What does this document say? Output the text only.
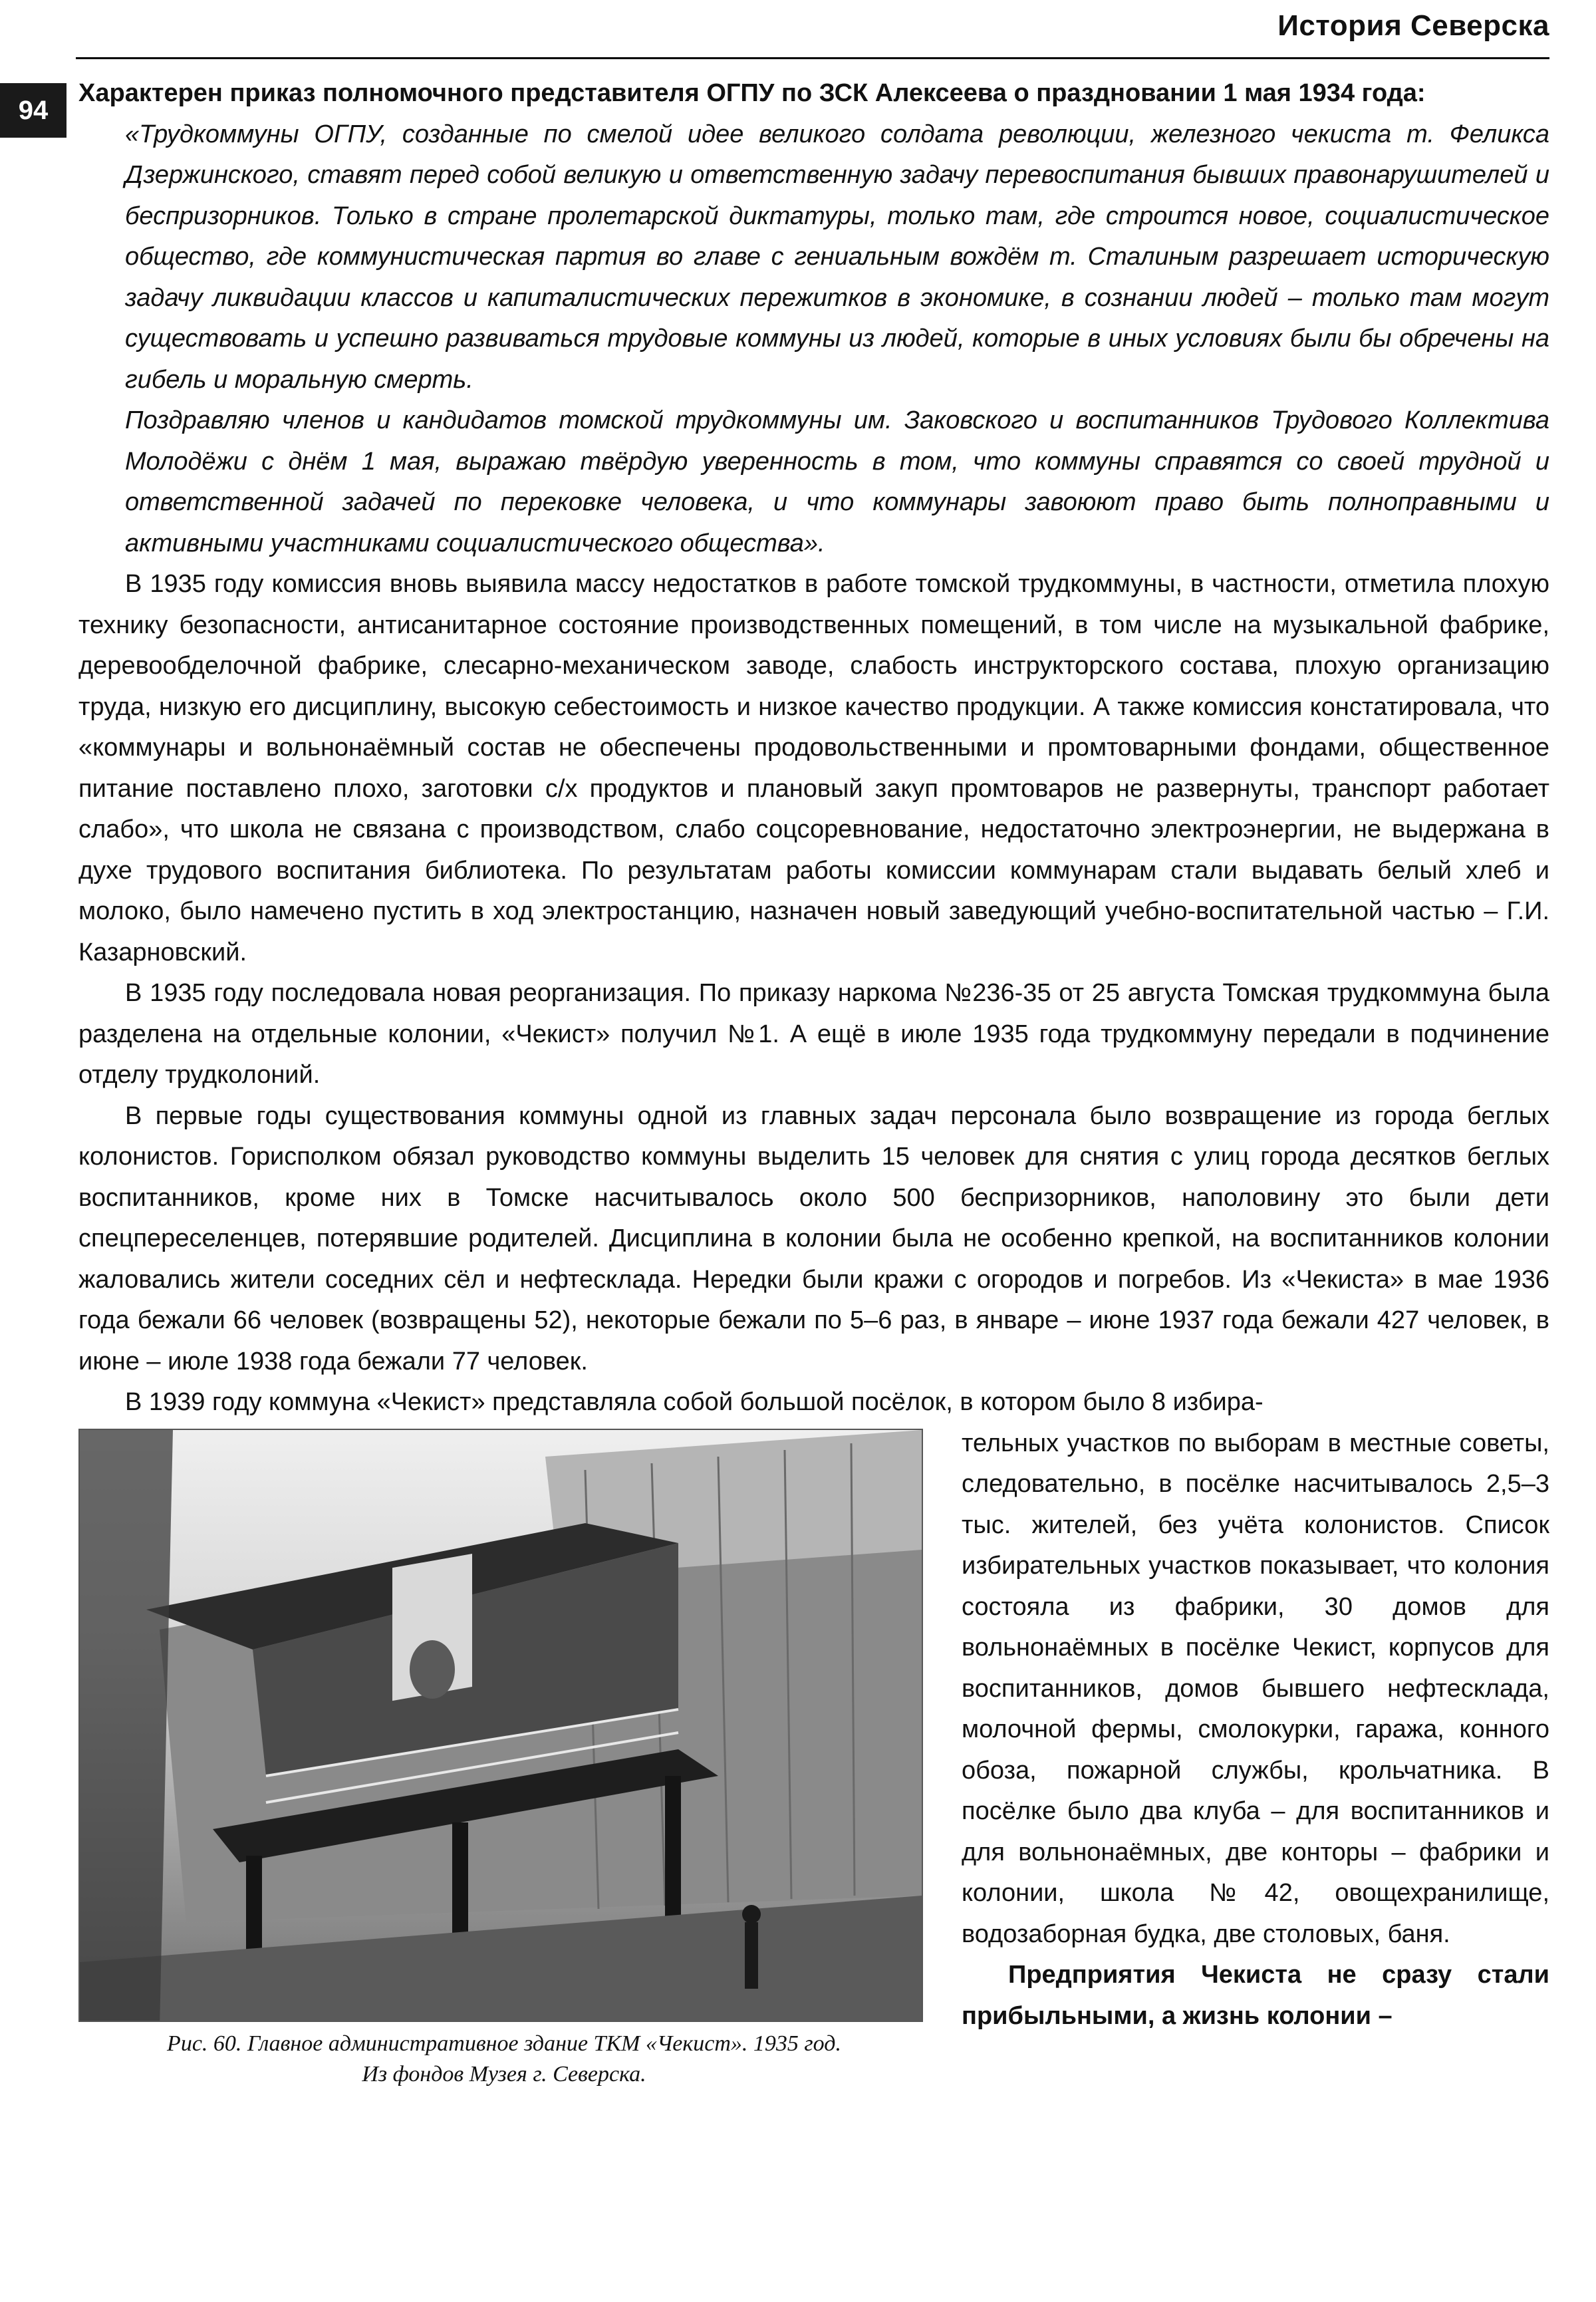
История Северска
94

Характерен приказ полномочного представителя ОГПУ по ЗСК Алексеева о праздновании 1 мая 1934 года:

«Трудкоммуны ОГПУ, созданные по смелой идее великого солдата революции, железного чекиста т. Феликса Дзержинского, ставят перед собой великую и ответственную задачу перевоспитания бывших правонарушителей и беспризорников. Только в стране пролетарской диктатуры, только там, где строится новое, социалистическое общество, где коммунистическая партия во главе с гениальным вождём т. Сталиным разрешает историческую задачу ликвидации классов и капиталистических пережитков в экономике, в сознании людей – только там могут существовать и успешно развиваться трудовые коммуны из людей, которые в иных условиях были бы обречены на гибель и моральную смерть.

Поздравляю членов и кандидатов томской трудкоммуны им. Заковского и воспитанников Трудового Коллектива Молодёжи с днём 1 мая, выражаю твёрдую уверенность в том, что коммуны справятся со своей трудной и ответственной задачей по перековке человека, и что коммунары завоюют право быть полноправными и активными участниками социалистического общества».

В 1935 году комиссия вновь выявила массу недостатков в работе томской трудкоммуны, в частности, отметила плохую технику безопасности, антисанитарное состояние производственных помещений, в том числе на музыкальной фабрике, деревообделочной фабрике, слесарно-механическом заводе, слабость инструкторского состава, плохую организацию труда, низкую его дисциплину, высокую себестоимость и низкое качество продукции. А также комиссия констатировала, что «коммунары и вольнонаёмный состав не обеспечены продовольственными и промтоварными фондами, общественное питание поставлено плохо, заготовки с/х продуктов и плановый закуп промтоваров не развернуты, транспорт работает слабо», что школа не связана с производством, слабо соцсоревнование, недостаточно электроэнергии, не выдержана в духе трудового воспитания библиотека. По результатам работы комиссии коммунарам стали выдавать белый хлеб и молоко, было намечено пустить в ход электростанцию, назначен новый заведующий учебно-воспитательной частью – Г.И. Казарновский.

В 1935 году последовала новая реорганизация. По приказу наркома №236-35 от 25 августа Томская трудкоммуна была разделена на отдельные колонии, «Чекист» получил №1. А ещё в июле 1935 года трудкоммуну передали в подчинение отделу трудколоний.

В первые годы существования коммуны одной из главных задач персонала было возвращение из города беглых колонистов. Горисполком обязал руководство коммуны выделить 15 человек для снятия с улиц города десятков беглых воспитанников, кроме них в Томске насчитывалось около 500 беспризорников, наполовину это были дети спецпереселенцев, потерявшие родителей. Дисциплина в колонии была не особенно крепкой, на воспитанников колонии жаловались жители соседних сёл и нефтесклада. Нередки были кражи с огородов и погребов. Из «Чекиста» в мае 1936 года бежали 66 человек (возвращены 52), некоторые бежали по 5–6 раз, в январе – июне 1937 года бежали 427 человек, в июне – июле 1938 года бежали 77 человек.

В 1939 году коммуна «Чекист» представляла собой большой посёлок, в котором было 8 избира-

Рис. 60. Главное административное здание ТКМ «Чекист». 1935 год.
Из фондов Музея г. Северска.

тельных участков по выборам в местные советы, следовательно, в посёлке насчитывалось 2,5–3 тыс. жителей, без учёта колонистов. Список избирательных участков показывает, что колония состояла из фабрики, 30 домов для вольнонаёмных в посёлке Чекист, корпусов для воспитанников, домов бывшего нефтесклада, молочной фермы, смолокурки, гаража, конного обоза, пожарной службы, крольчатника. В посёлке было два клуба – для воспитанников и для вольнонаёмных, две конторы – фабрики и колонии, школа №42, овощехранилище, водозаборная будка, две столовых, баня.

Предприятия Чекиста не сразу стали прибыльными, а жизнь колонии –
